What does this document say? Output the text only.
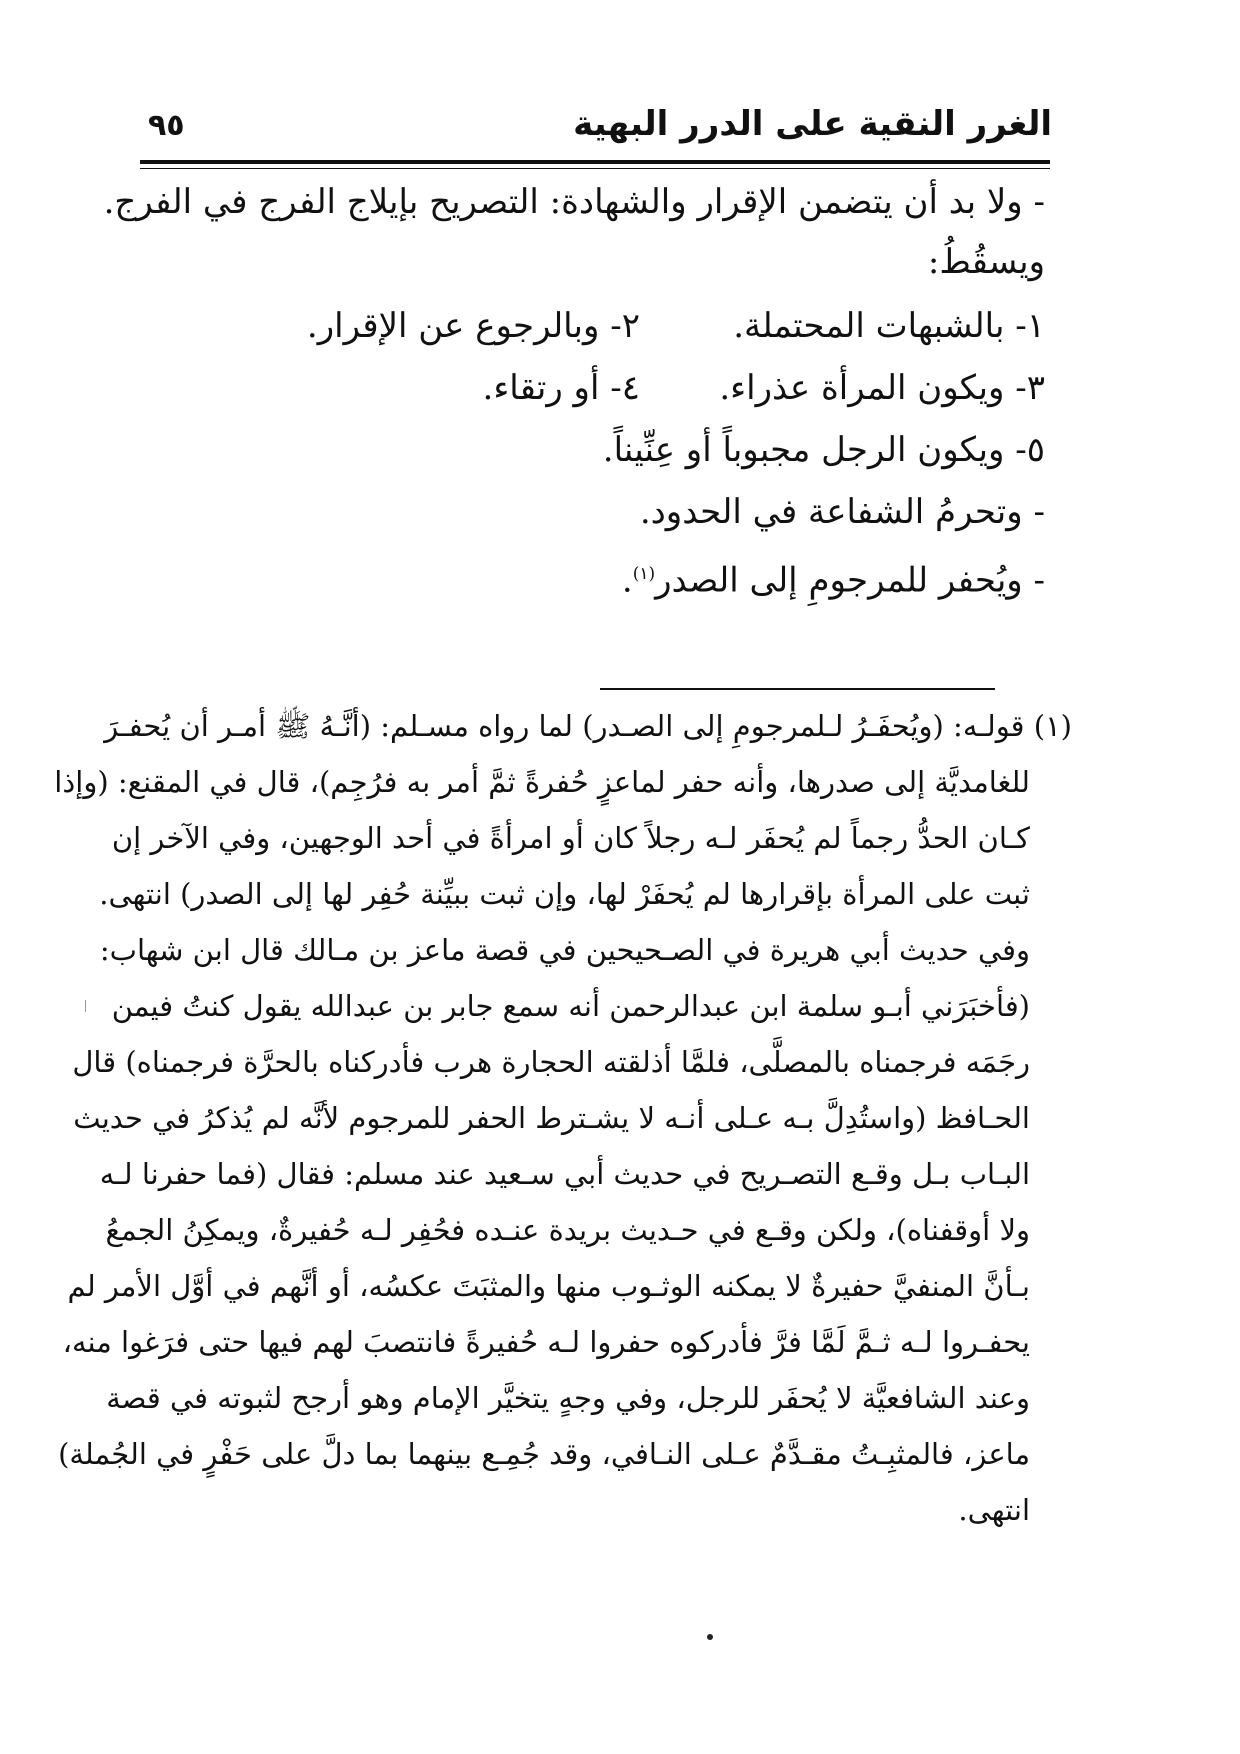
الغرر النقية على الدرر البهية
٩٥
- ولا بد أن يتضمن الإقرار والشهادة: التصريح بإيلاج الفرج في الفرج.
ويسقُطُ:
١- بالشبهات المحتملة.
٢- وبالرجوع عن الإقرار.
٣- ويكون المرأة عذراء.
٤- أو رتقاء.
٥- ويكون الرجل مجبوباً أو عِنِّيناً.
- وتحرمُ الشفاعة في الحدود.
- ويُحفر للمرجومِ إلى الصدر$^{(١)}$.
(١) قولـه: (ويُحفَـرُ لـلمرجومِ إلى الصـدر) لما رواه مسـلم: (أنَّـهُ ﷺ أمـر أن يُحفـرَ
للغامديَّة إلى صدرها، وأنه حفر لماعزٍ حُفرةً ثمَّ أمر به فرُجِم)، قال في المقنع: (وإذا
كـان الحدُّ رجماً لم يُحفَر لـه رجلاً كان أو امرأةً في أحد الوجهين، وفي الآخر إن
ثبت على المرأة بإقرارها لم يُحفَرْ لها، وإن ثبت ببيِّنة حُفِر لها إلى الصدر) انتهى.
وفي حديث أبي هريرة في الصـحيحين في قصة ماعز بن مـالك قال ابن شهاب:
(فأخبَرَني أبـو سلمة ابن عبدالرحمن أنه سمع جابر بن عبدالله يقول كنتُ فيمن
رجَمَه فرجمناه بالمصلَّى، فلمَّا أذلقته الحجارة هرب فأدركناه بالحرَّة فرجمناه) قال
الحـافظ (واستُدِلَّ بـه عـلى أنـه لا يشـترط الحفر للمرجوم لأنَّه لم يُذكرُ في حديث
البـاب بـل وقـع التصـريح في حديث أبي سـعيد عند مسلم: فقال (فما حفرنا لـه
ولا أوقفناه)، ولكن وقـع في حـديث بريدة عنـده فحُفِر لـه حُفيرةٌ، ويمكِنُ الجمعُ
بـأنَّ المنفيَّ حفيرةٌ لا يمكنه الوثـوب منها والمثبَتَ عكسُه، أو أنَّهم في أوَّل الأمر لم
يحفـروا لـه ثـمَّ لَمَّا فرَّ فأدركوه حفروا لـه حُفيرةً فانتصبَ لهم فيها حتى فرَغوا منه،
وعند الشافعيَّة لا يُحفَر للرجل، وفي وجهٍ يتخيَّر الإمام وهو أرجح لثبوته في قصة
ماعز، فالمثبِـتُ مقـدَّمٌ عـلى النـافي، وقد جُمِـع بينهما بما دلَّ على حَفْرٍ في الجُملة)
انتهى.
